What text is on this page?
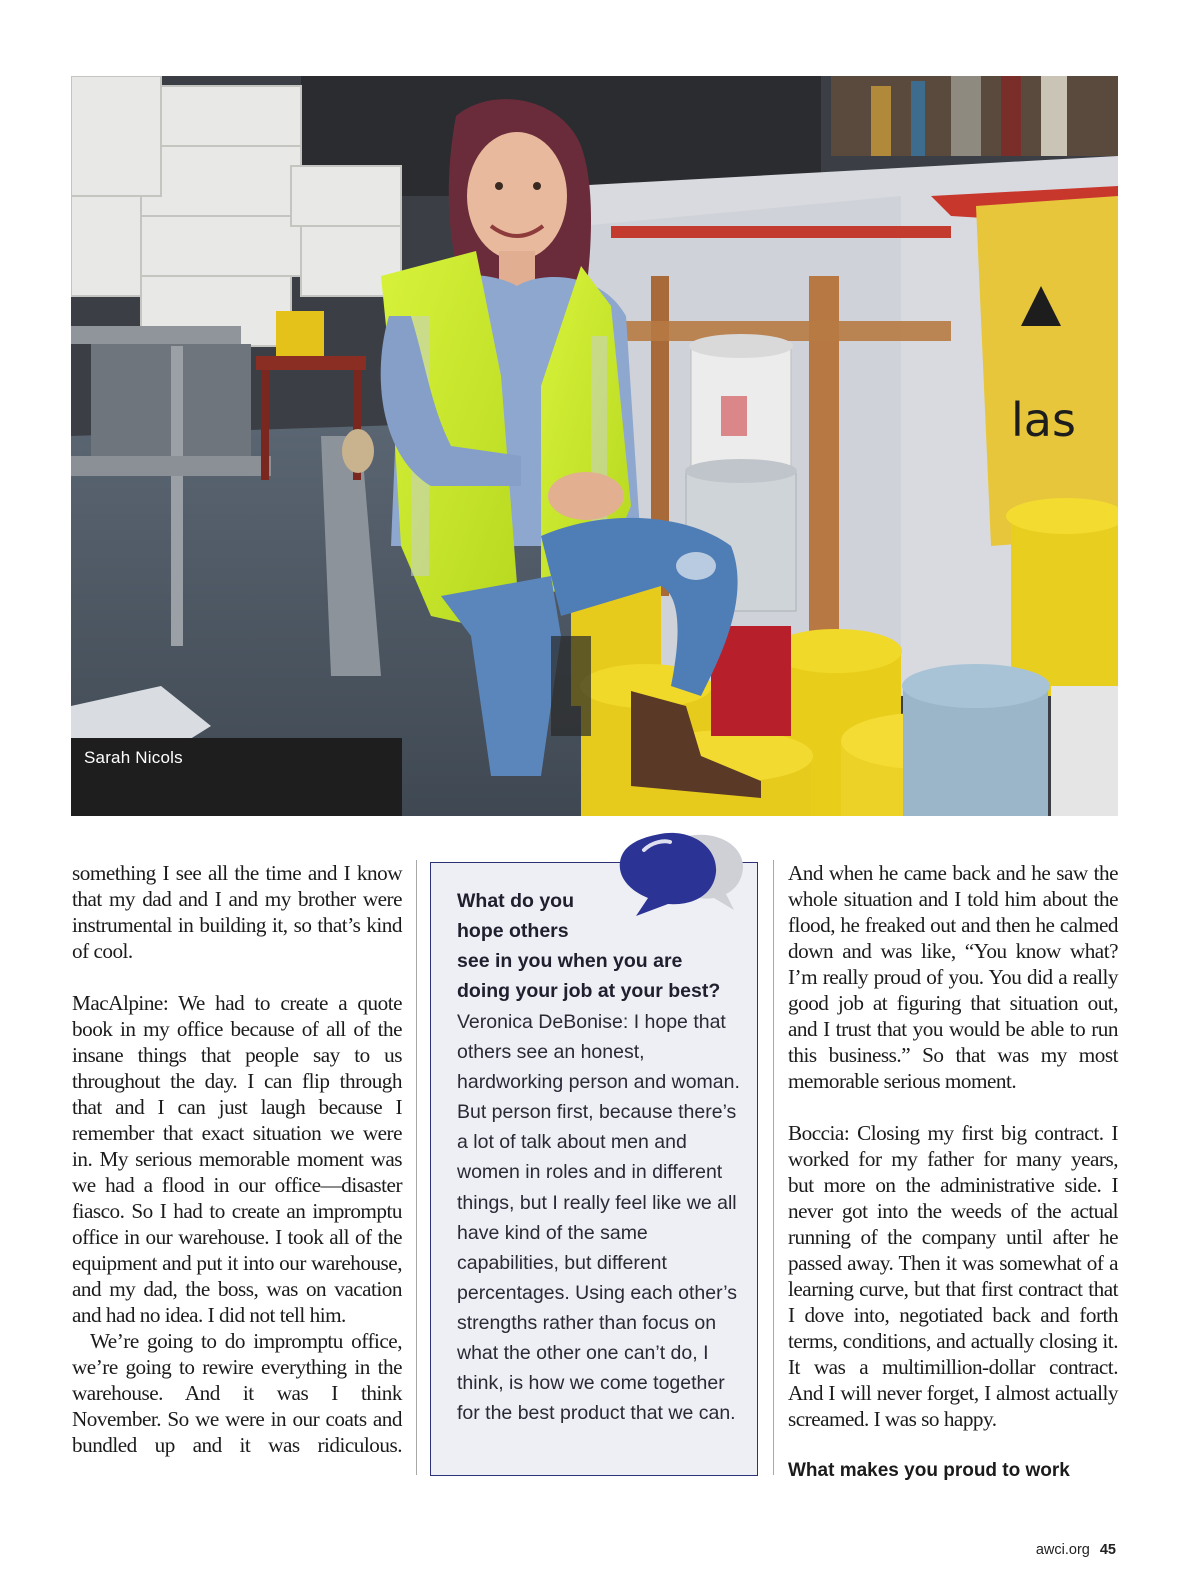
las
Sarah Nicols

something I see all the time and I know that my dad and I and my brother were instrumental in building it, so that’s kind of cool.

MacAlpine: We had to create a quote book in my office because of all of the insane things that people say to us throughout the day. I can flip through that and I can just laugh because I remember that exact situation we were in. My serious memorable moment was we had a flood in our office—disaster fiasco. So I had to create an impromptu office in our warehouse. I took all of the equipment and put it into our warehouse, and my dad, the boss, was on vacation and had no idea. I did not tell him.

We’re going to do impromptu office, we’re going to rewire everything in the warehouse. And it was I think November. So we were in our coats and bundled up and it was ridiculous.

What do you
hope others
see in you when you are
doing your job at your best?
Veronica DeBonise: I hope that others see an honest, hardworking person and woman. But person first, because there’s a lot of talk about men and women in roles and in different things, but I really feel like we all have kind of the same capabilities, but different percentages. Using each other’s strengths rather than focus on what the other one can’t do, I think, is how we come together for the best product that we can.

And when he came back and he saw the whole situation and I told him about the flood, he freaked out and then he calmed down and was like, “You know what? I’m really proud of you. You did a really good job at figuring that situation out, and I trust that you would be able to run this business.” So that was my most memorable serious moment.

Boccia: Closing my first big contract. I worked for my father for many years, but more on the administrative side. I never got into the weeds of the actual running of the company until after he passed away. Then it was somewhat of a learning curve, but that first contract that I dove into, negotiated back and forth terms, conditions, and actually closing it. It was a multimillion-dollar contract. And I will never forget, I almost actually screamed. I was so happy.

What makes you proud to work

awci.org 45
